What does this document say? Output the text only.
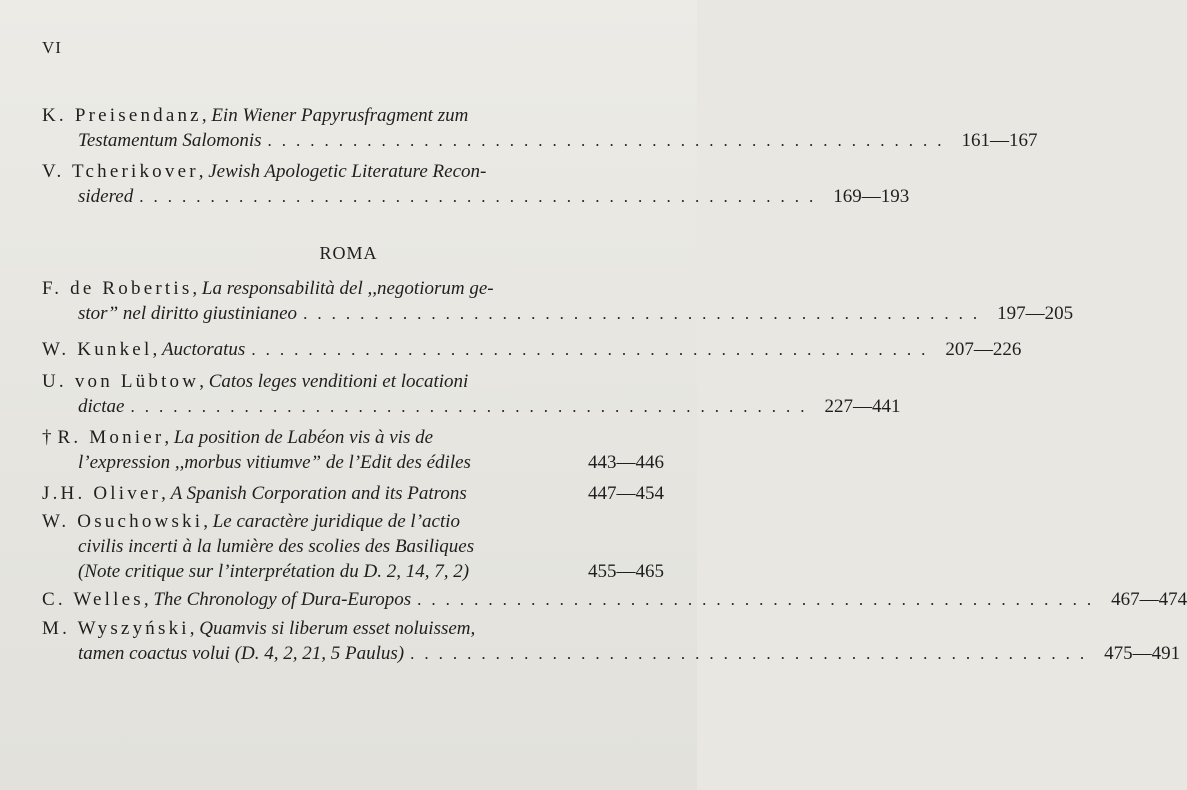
VI
K. Preisendanz ,
Ein Wiener Papyrusfragment zum
Testamentum Salomonis ................................................ 161—167
V. Tcherikover ,
Jewish Apologetic Literature Recon-
sidered ................................................ 169—193
ROMA
F. de Robertis ,
La responsabilità del ,,negotiorum ge-
stor” nel diritto giustinianeo ................................................ 197—205
W. Kunkel ,
Auctoratus ................................................ 207—226
U. von Lübtow ,
Catos leges venditioni et locationi
dictae ................................................ 227—441
† R. Monier ,
La position de Labéon vis à vis de
l’expression ,,morbus vitiumve” de l’Edit des édiles	443—446
J.H. Oliver ,
A Spanish Corporation and its Patrons	447—454
W. Osuchowski ,
Le caractère juridique de l’actio
civilis incerti à la lumière des scolies des Basiliques
(Note critique sur l’interprétation du D. 2, 14, 7, 2)	455—465
C. Welles ,
The Chronology of Dura-Europos ................................................ 467—474
M. Wyszyński ,
Quamvis si liberum esset noluissem,
tamen coactus volui (D. 4, 2, 21, 5 Paulus) ................................................ 475—491
